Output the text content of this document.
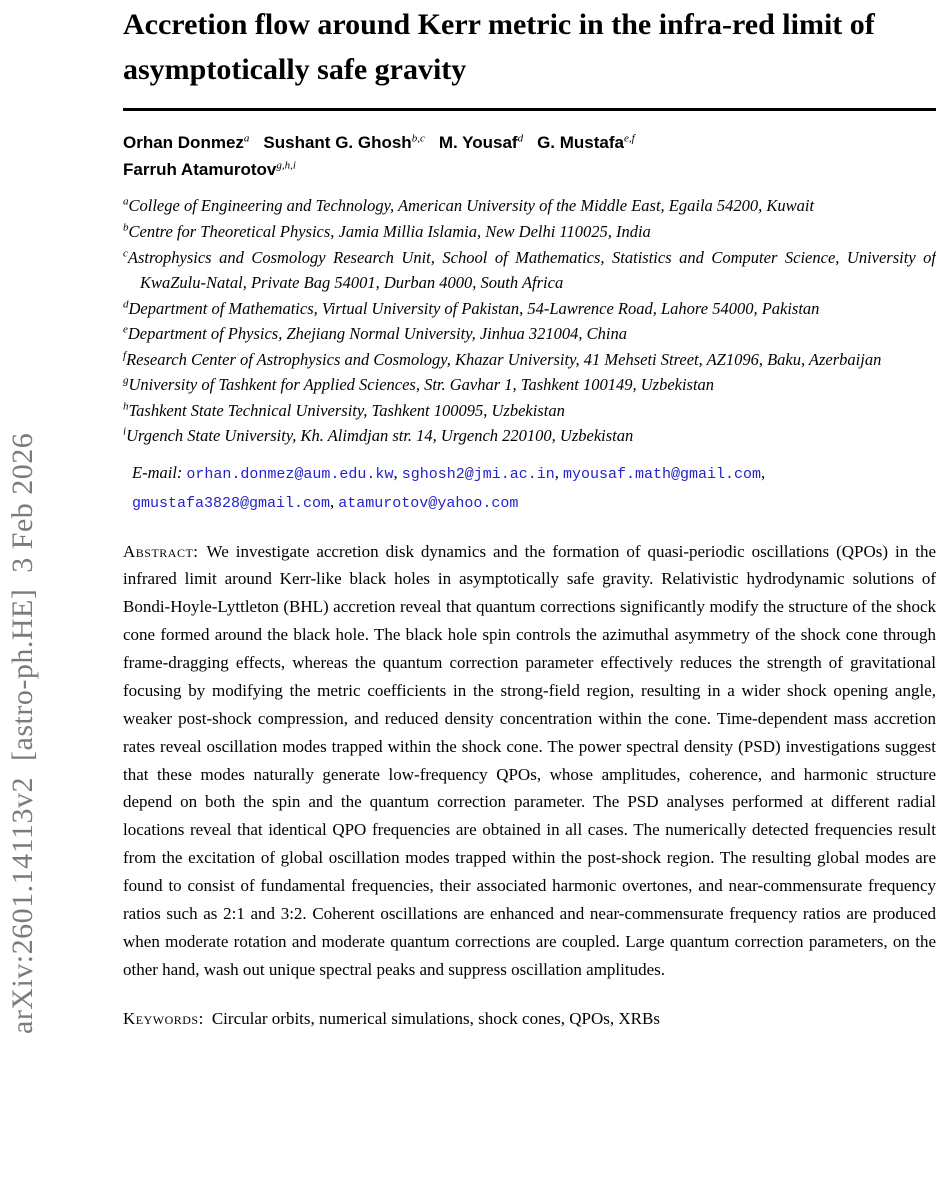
arXiv:2601.14113v2  [astro-ph.HE]  3 Feb 2026
Accretion flow around Kerr metric in the infra-red limit of asymptotically safe gravity
Orhan Donmez$^a$ Sushant G. Ghosh$^{b,c}$ M. Yousaf$^d$ G. Mustafa$^{e,f}$
Farruh Atamurotov$^{g,h,i}$
$^a$College of Engineering and Technology, American University of the Middle East, Egaila 54200, Kuwait
$^b$Centre for Theoretical Physics, Jamia Millia Islamia, New Delhi 110025, India
$^c$Astrophysics and Cosmology Research Unit, School of Mathematics, Statistics and Computer Science, University of KwaZulu-Natal, Private Bag 54001, Durban 4000, South Africa
$^d$Department of Mathematics, Virtual University of Pakistan, 54-Lawrence Road, Lahore 54000, Pakistan
$^e$Department of Physics, Zhejiang Normal University, Jinhua 321004, China
$^f$Research Center of Astrophysics and Cosmology, Khazar University, 41 Mehseti Street, AZ1096, Baku, Azerbaijan
$^g$University of Tashkent for Applied Sciences, Str. Gavhar 1, Tashkent 100149, Uzbekistan
$^h$Tashkent State Technical University, Tashkent 100095, Uzbekistan
$^i$Urgench State University, Kh. Alimdjan str. 14, Urgench 220100, Uzbekistan
E-mail: orhan.donmez@aum.edu.kw, sghosh2@jmi.ac.in, myousaf.math@gmail.com, gmustafa3828@gmail.com, atamurotov@yahoo.com
Abstract: We investigate accretion disk dynamics and the formation of quasi-periodic oscillations (QPOs) in the infrared limit around Kerr-like black holes in asymptotically safe gravity. Relativistic hydrodynamic solutions of Bondi-Hoyle-Lyttleton (BHL) accretion reveal that quantum corrections significantly modify the structure of the shock cone formed around the black hole. The black hole spin controls the azimuthal asymmetry of the shock cone through frame-dragging effects, whereas the quantum correction parameter effectively reduces the strength of gravitational focusing by modifying the metric coefficients in the strong-field region, resulting in a wider shock opening angle, weaker post-shock compression, and reduced density concentration within the cone. Time-dependent mass accretion rates reveal oscillation modes trapped within the shock cone. The power spectral density (PSD) investigations suggest that these modes naturally generate low-frequency QPOs, whose amplitudes, coherence, and harmonic structure depend on both the spin and the quantum correction parameter. The PSD analyses performed at different radial locations reveal that identical QPO frequencies are obtained in all cases. The numerically detected frequencies result from the excitation of global oscillation modes trapped within the post-shock region. The resulting global modes are found to consist of fundamental frequencies, their associated harmonic overtones, and near-commensurate frequency ratios such as 2:1 and 3:2. Coherent oscillations are enhanced and near-commensurate frequency ratios are produced when moderate rotation and moderate quantum corrections are coupled. Large quantum correction parameters, on the other hand, wash out unique spectral peaks and suppress oscillation amplitudes.
Keywords: Circular orbits, numerical simulations, shock cones, QPOs, XRBs
